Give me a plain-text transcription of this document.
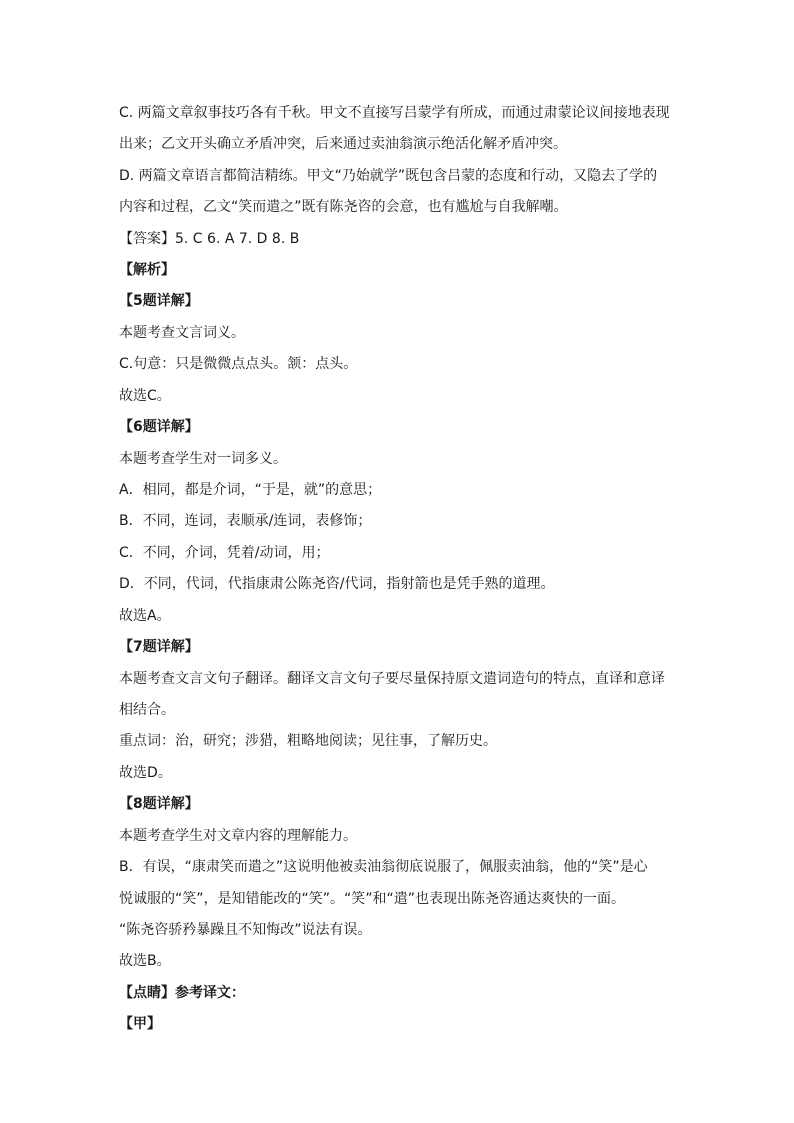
C. 两篇文章叙事技巧各有千秋。甲文不直接写吕蒙学有所成，而通过肃蒙论议间接地表现
出来；乙文开头确立矛盾冲突，后来通过卖油翁演示绝活化解矛盾冲突。
D. 两篇文章语言都简洁精练。甲文“乃始就学”既包含吕蒙的态度和行动，又隐去了学的
内容和过程，乙文“笑而遣之”既有陈尧咨的会意，也有尴尬与自我解嘲。
【答案】5. C 6. A 7. D 8. B
【解析】
【5题详解】
本题考查文言词义。
C.句意：只是微微点点头。颔：点头。
故选C。
【6题详解】
本题考查学生对一词多义。
A．相同，都是介词，“于是，就”的意思；
B．不同，连词，表顺承/连词，表修饰；
C．不同，介词，凭着/动词，用；
D．不同，代词，代指康肃公陈尧咨/代词，指射箭也是凭手熟的道理。
故选A。
【7题详解】
本题考查文言文句子翻译。翻译文言文句子要尽量保持原文遣词造句的特点，直译和意译
相结合。
重点词：治，研究；涉猎，粗略地阅读；见往事，了解历史。
故选D。
【8题详解】
本题考查学生对文章内容的理解能力。
B．有误，“康肃笑而遣之”这说明他被卖油翁彻底说服了，佩服卖油翁，他的“笑”是心
悦诚服的“笑”，是知错能改的“笑”。“笑”和“遣”也表现出陈尧咨通达爽快的一面。
“陈尧咨骄矜暴躁且不知悔改”说法有误。
故选B。
【点睛】参考译文：
【甲】
